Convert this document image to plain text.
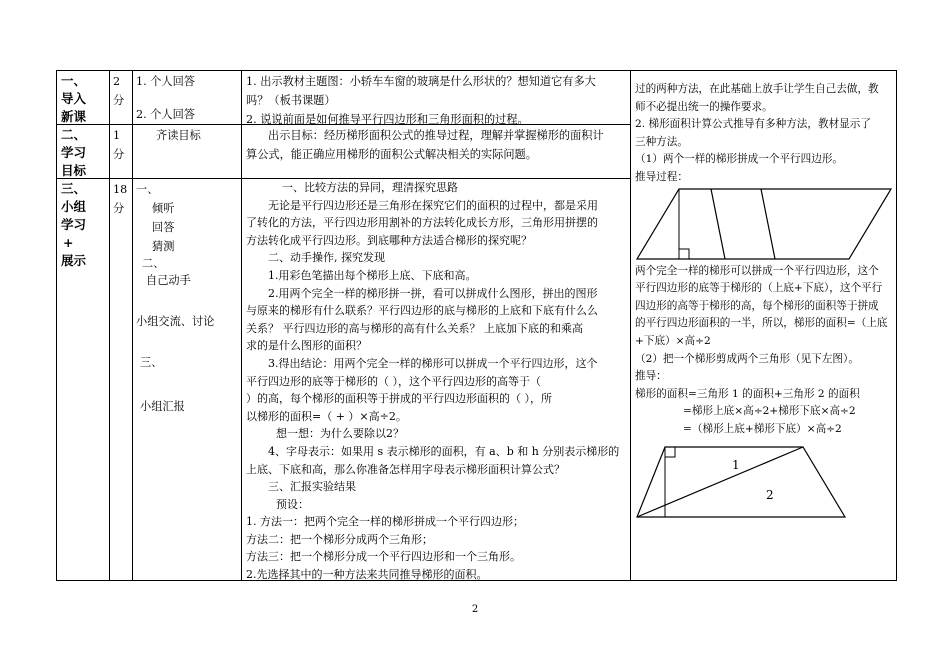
一、

导入

新课

2

分

1. 个人回答

2. 个人回答

1. 出示教材主题图：小轿车车窗的玻璃是什么形状的？想知道它有多大

吗？（板书课题）

2. 说说前面是如何推导平行四边形和三角形面积的过程。

二、

学习

目标

1

分

齐读目标	出示目标：经历梯形面积公式的推导过程，理解并掌握梯形的面积计

算公式，能正确应用梯形的面积公式解决相关的实际问题。

三、

小组

学习

+

展示

18

分

一、

倾听

回答

猜测

二、

自己动手

小组交流、讨论

三、

小组汇报

一、比较方法的异同，理清探究思路

无论是平行四边形还是三角形在探究它们的面积的过程中，都是采用

了转化的方法，平行四边形用割补的方法转化成长方形，三角形用拼摆的

方法转化成平行四边形。到底哪种方法适合梯形的探究呢？

二、动手操作, 探究发现

1.用彩色笔描出每个梯形上底、下底和高。

2.用两个完全一样的梯形拼一拼，看可以拼成什么图形，拼出的图形

与原来的梯形有什么联系？平行四边形的底与梯形的上底和下底有什么么

关系？ 平行四边形的高与梯形的高有什么关系？ 上底加下底的和乘高

求的是什么图形的面积？

3.得出结论：用两个完全一样的梯形可以拼成一个平行四边形，这个

平行四边形的底等于梯形的（ ），这个平行四边形的高等于（

）的高，每个梯形的面积等于拼成的平行四边形面积的（ ），所

以梯形的面积=（ + ）×高÷2。

想一想：为什么要除以2？

4、字母表示：如果用 s 表示梯形的面积，有 a、b 和 h 分别表示梯形的

上底、下底和高，那么你准备怎样用字母表示梯形面积计算公式？

三、汇报实验结果

预设：

1. 方法一：把两个完全一样的梯形拼成一个平行四边形；

方法二：把一个梯形分成两个三角形；

方法三：把一个梯形分成一个平行四边形和一个三角形。

2.先选择其中的一种方法来共同推导梯形的面积。

过的两种方法，在此基础上放手让学生自己去做，教

师不必提出统一的操作要求。

2. 梯形面积计算公式推导有多种方法，教材显示了

三种方法。

（1）两个一样的梯形拼成一个平行四边形。

推导过程：

两个完全一样的梯形可以拼成一个平行四边形，这个

平行四边形的底等于梯形的（上底+下底），这个平行

四边形的高等于梯形的高，每个梯形的面积等于拼成

的平行四边形面积的一半，所以，梯形的面积=（上底

+下底）×高÷2

（2）把一个梯形剪成两个三角形（见下左图）。

推导：

梯形的面积=三角形 1 的面积+三角形 2 的面积

=梯形上底×高÷2+梯形下底×高÷2

=（梯形上底+梯形下底）×高÷2

1
2
2
